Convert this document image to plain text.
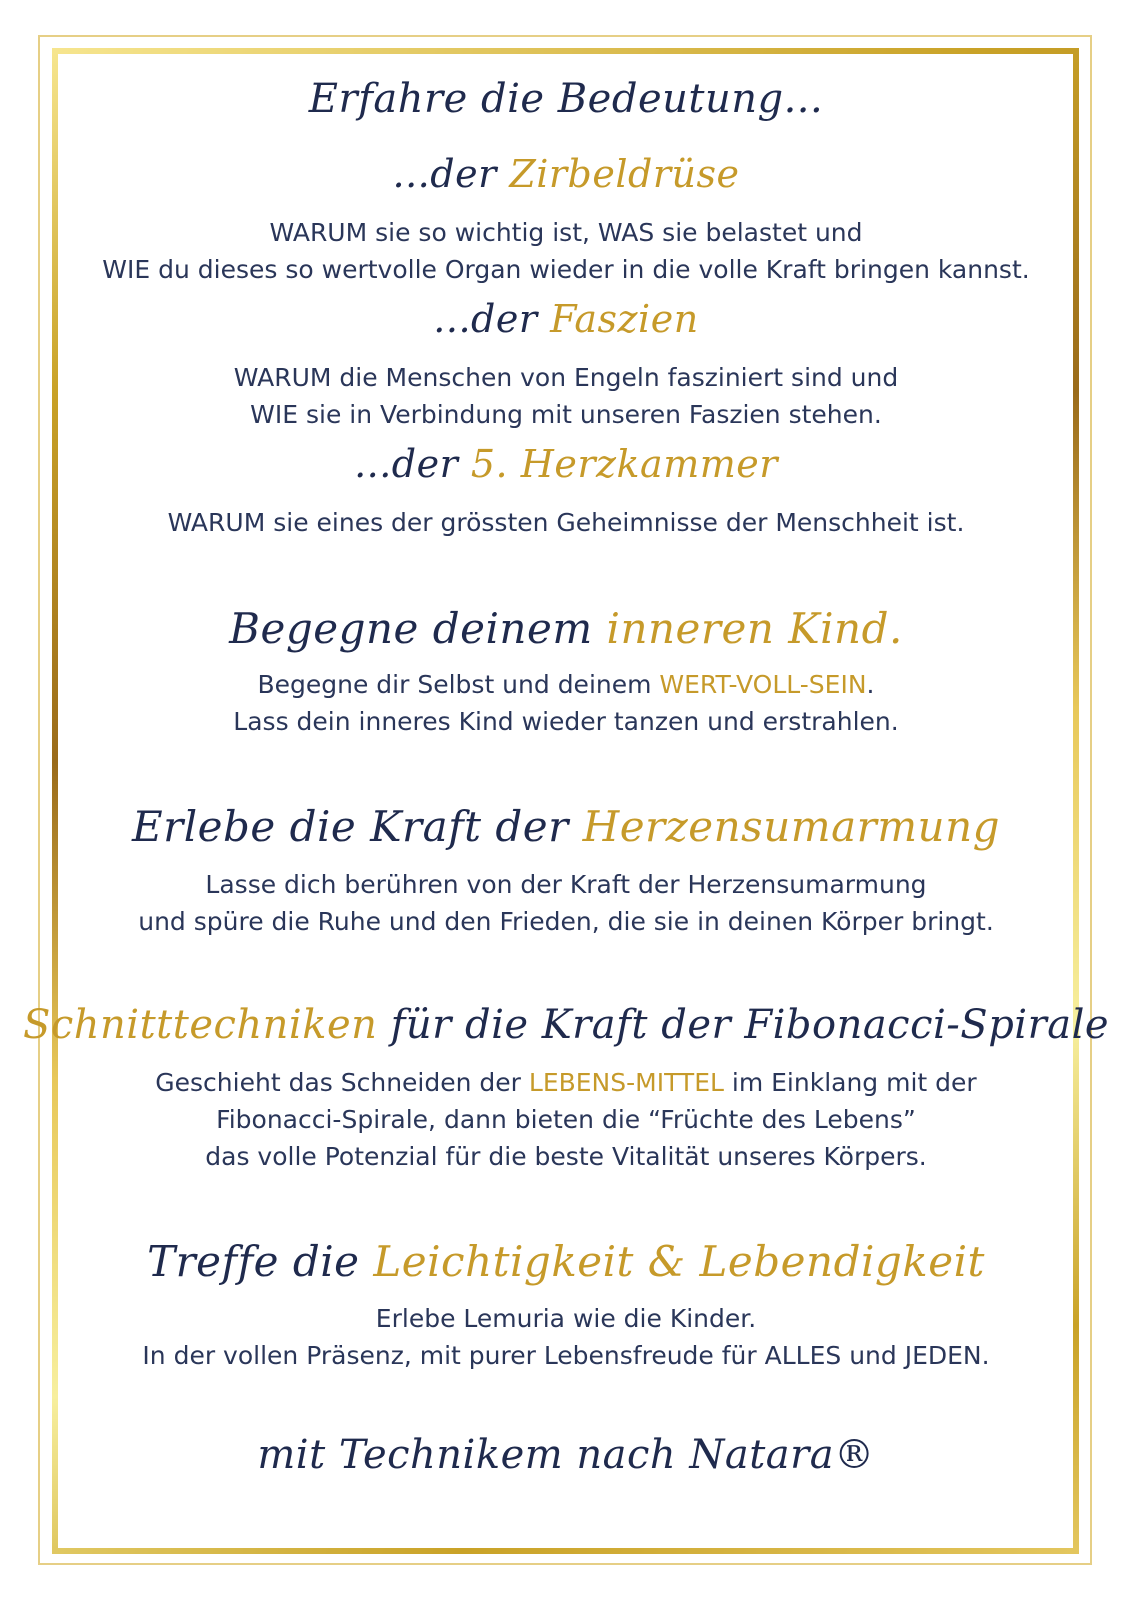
Erfahre die Bedeutung...
...der Zirbeldrüse
WARUM sie so wichtig ist, WAS sie belastet und
WIE du dieses so wertvolle Organ wieder in die volle Kraft bringen kannst.
...der Faszien
WARUM die Menschen von Engeln fasziniert sind und
WIE sie in Verbindung mit unseren Faszien stehen.
...der 5. Herzkammer
WARUM sie eines der grössten Geheimnisse der Menschheit ist.
Begegne deinem inneren Kind.
Begegne dir Selbst und deinem WERT-VOLL-SEIN.
Lass dein inneres Kind wieder tanzen und erstrahlen.
Erlebe die Kraft der Herzensumarmung
Lasse dich berühren von der Kraft der Herzensumarmung
und spüre die Ruhe und den Frieden, die sie in deinen Körper bringt.
Schnitttechniken für die Kraft der Fibonacci-Spirale
Geschieht das Schneiden der LEBENS-MITTEL im Einklang mit der
Fibonacci-Spirale, dann bieten die “Früchte des Lebens”
das volle Potenzial für die beste Vitalität unseres Körpers.
Treffe die Leichtigkeit & Lebendigkeit
Erlebe Lemuria wie die Kinder.
In der vollen Präsenz, mit purer Lebensfreude für ALLES und JEDEN.
mit Technikem nach Natara®
